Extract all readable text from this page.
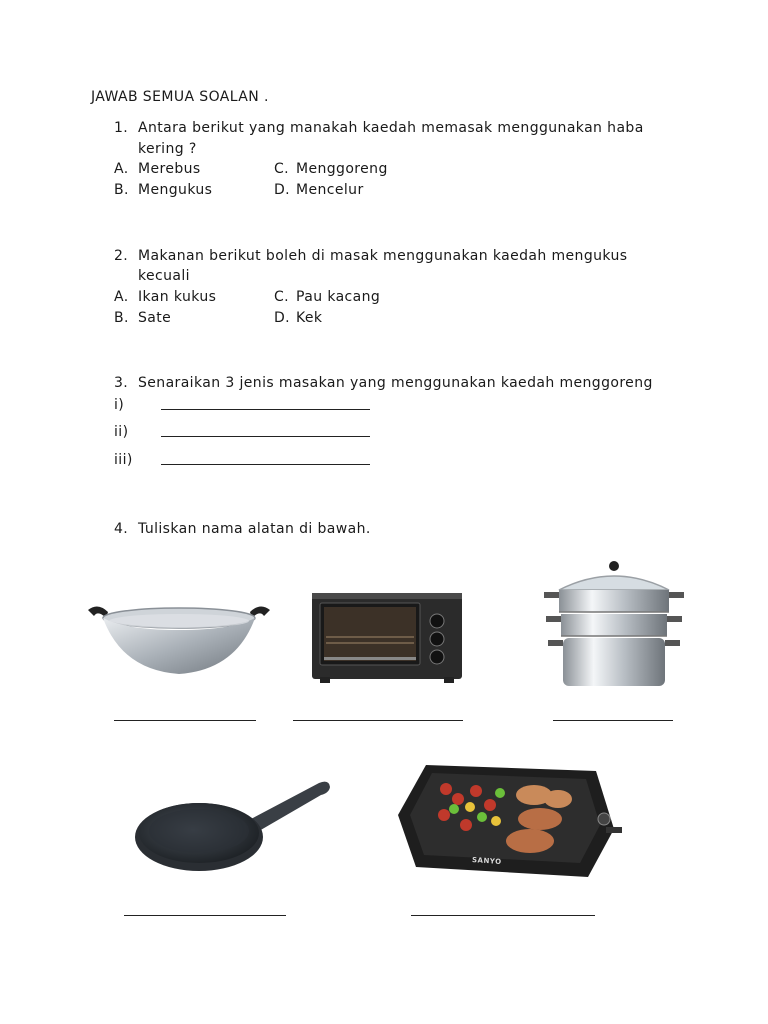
JAWAB SEMUA SOALAN .
1. Antara berikut yang manakah kaedah memasak menggunakan haba
kering ?
A. Merebus
B. Mengukus
C. Menggoreng
D. Mencelur
2. Makanan berikut boleh di masak menggunakan kaedah mengukus
kecuali
A. Ikan kukus
B. Sate
C. Pau kacang
D. Kek
3. Senaraikan 3 jenis masakan yang menggunakan kaedah menggoreng
i)
ii)
iii)
4. Tuliskan nama alatan di bawah.
SANYO
